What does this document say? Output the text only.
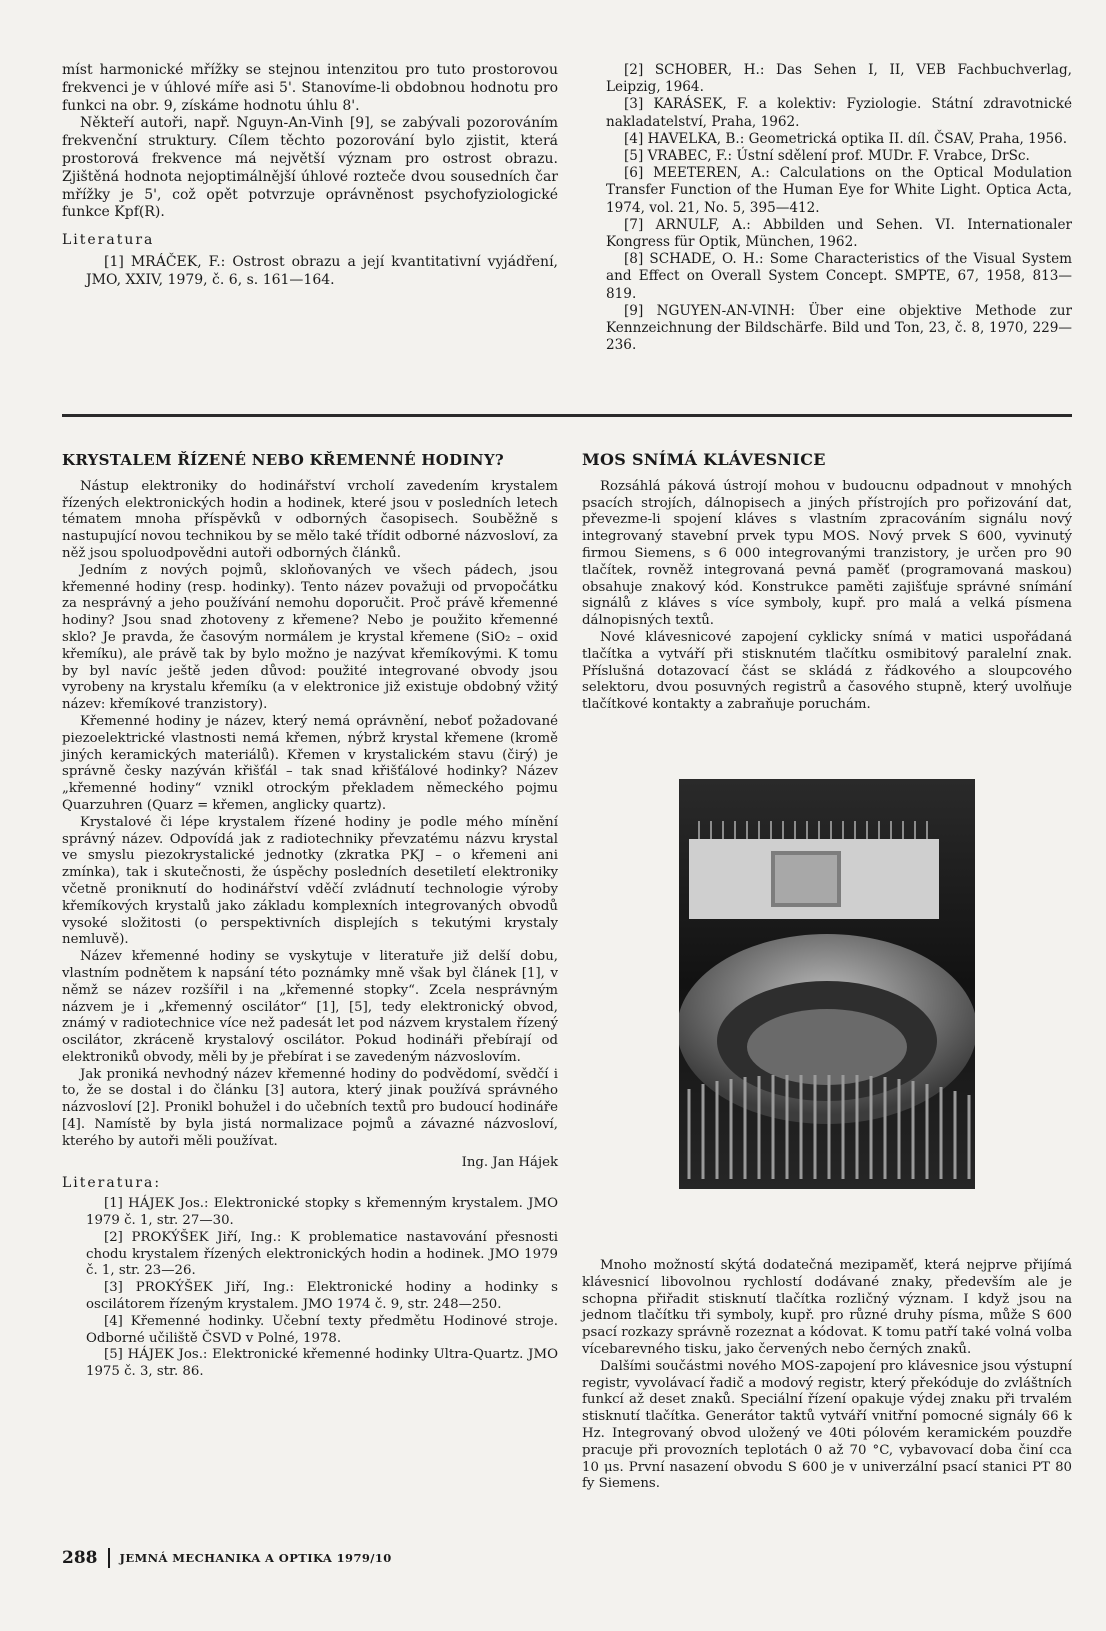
míst harmonické mřížky se stejnou intenzitou pro tuto prostorovou frekvenci je v úhlové míře asi 5'. Stanovíme-li obdobnou hodnotu pro funkci na obr. 9, získáme hodnotu úhlu 8'.

Někteří autoři, např. Nguyn-An-Vinh [9], se zabývali pozorováním frekvenční struktury. Cílem těchto pozorování bylo zjistit, která prostorová frekvence má největší význam pro ostrost obrazu. Zjištěná hodnota nejoptimálnější úhlové rozteče dvou sousedních čar mřížky je 5', což opět potvrzuje oprávněnost psychofyziologické funkce Kpf(R).

Literatura

[1] MRÁČEK, F.: Ostrost obrazu a její kvantitativní vyjádření, JMO, XXIV, 1979, č. 6, s. 161—164.

[2] SCHOBER, H.: Das Sehen I, II, VEB Fachbuchverlag, Leipzig, 1964.

[3] KARÁSEK, F. a kolektiv: Fyziologie. Státní zdravotnické nakladatelství, Praha, 1962.

[4] HAVELKA, B.: Geometrická optika II. díl. ČSAV, Praha, 1956.

[5] VRABEC, F.: Ústní sdělení prof. MUDr. F. Vrabce, DrSc.

[6] MEETEREN, A.: Calculations on the Optical Modulation Transfer Function of the Human Eye for White Light. Optica Acta, 1974, vol. 21, No. 5, 395—412.

[7] ARNULF, A.: Abbilden und Sehen. VI. Internationaler Kongress für Optik, München, 1962.

[8] SCHADE, O. H.: Some Characteristics of the Visual System and Effect on Overall System Concept. SMPTE, 67, 1958, 813—819.

[9] NGUYEN-AN-VINH: Über eine objektive Methode zur Kennzeichnung der Bildschärfe. Bild und Ton, 23, č. 8, 1970, 229—236.

KRYSTALEM ŘÍZENÉ NEBO KŘEMENNÉ HODINY?

Nástup elektroniky do hodinářství vrcholí zavedením krystalem řízených elektronických hodin a hodinek, které jsou v posledních letech tématem mnoha příspěvků v odborných časopisech. Souběžně s nastupující novou technikou by se mělo také třídit odborné názvosloví, za něž jsou spoluodpovědni autoři odborných článků.

Jedním z nových pojmů, skloňovaných ve všech pádech, jsou křemenné hodiny (resp. hodinky). Tento název považuji od prvopočátku za nesprávný a jeho používání nemohu doporučit. Proč právě křemenné hodiny? Jsou snad zhotoveny z křemene? Nebo je použito křemenné sklo? Je pravda, že časovým normálem je krystal křemene (SiO₂ – oxid křemíku), ale právě tak by bylo možno je nazývat křemíkovými. K tomu by byl navíc ještě jeden důvod: použité integrované obvody jsou vyrobeny na krystalu křemíku (a v elektronice již existuje obdobný vžitý název: křemíkové tranzistory).

Křemenné hodiny je název, který nemá oprávnění, neboť požadované piezoelektrické vlastnosti nemá křemen, nýbrž krystal křemene (kromě jiných keramických materiálů). Křemen v krystalickém stavu (čirý) je správně česky nazýván křišťál – tak snad křišťálové hodinky? Název „křemenné hodiny“ vznikl otrockým překladem německého pojmu Quarzuhren (Quarz = křemen, anglicky quartz).

Krystalové či lépe krystalem řízené hodiny je podle mého mínění správný název. Odpovídá jak z radiotechniky převzatému názvu krystal ve smyslu piezokrystalické jednotky (zkratka PKJ – o křemeni ani zmínka), tak i skutečnosti, že úspěchy posledních desetiletí elektroniky včetně proniknutí do hodinářství vděčí zvládnutí technologie výroby křemíkových krystalů jako základu komplexních integrovaných obvodů vysoké složitosti (o perspektivních displejích s tekutými krystaly nemluvě).

Název křemenné hodiny se vyskytuje v literatuře již delší dobu, vlastním podnětem k napsání této poznámky mně však byl článek [1], v němž se název rozšířil i na „křemenné stopky“. Zcela nesprávným názvem je i „křemenný oscilátor“ [1], [5], tedy elektronický obvod, známý v radiotechnice více než padesát let pod názvem krystalem řízený oscilátor, zkráceně krystalový oscilátor. Pokud hodináři přebírají od elektroniků obvody, měli by je přebírat i se zavedeným názvoslovím.

Jak proniká nevhodný název křemenné hodiny do podvědomí, svědčí i to, že se dostal i do článku [3] autora, který jinak používá správného názvosloví [2]. Pronikl bohužel i do učebních textů pro budoucí hodináře [4]. Namístě by byla jistá normalizace pojmů a závazné názvosloví, kterého by autoři měli používat.

Ing. Jan Hájek
Literatura:

[1] HÁJEK Jos.: Elektronické stopky s křemenným krystalem. JMO 1979 č. 1, str. 27—30.

[2] PROKÝŠEK Jiří, Ing.: K problematice nastavování přesnosti chodu krystalem řízených elektronických hodin a hodinek. JMO 1979 č. 1, str. 23—26.

[3] PROKÝŠEK Jiří, Ing.: Elektronické hodiny a hodinky s oscilátorem řízeným krystalem. JMO 1974 č. 9, str. 248—250.

[4] Křemenné hodinky. Učební texty předmětu Hodinové stroje. Odborné učiliště ČSVD v Polné, 1978.

[5] HÁJEK Jos.: Elektronické křemenné hodinky Ultra-Quartz. JMO 1975 č. 3, str. 86.

MOS SNÍMÁ KLÁVESNICE

Rozsáhlá páková ústrojí mohou v budoucnu odpadnout v mnohých psacích strojích, dálnopisech a jiných přístrojích pro pořizování dat, převezme-li spojení kláves s vlastním zpracováním signálu nový integrovaný stavební prvek typu MOS. Nový prvek S 600, vyvinutý firmou Siemens, s 6 000 integrovanými tranzistory, je určen pro 90 tlačítek, rovněž integrovaná pevná paměť (programovaná maskou) obsahuje znakový kód. Konstrukce paměti zajišťuje správné snímání signálů z kláves s více symboly, kupř. pro malá a velká písmena dálnopisných textů.

Nové klávesnicové zapojení cyklicky snímá v matici uspořádaná tlačítka a vytváří při stisknutém tlačítku osmibitový paralelní znak. Příslušná dotazovací část se skládá z řádkového a sloupcového selektoru, dvou posuvných registrů a časového stupně, který uvolňuje tlačítkové kontakty a zabraňuje poruchám.

Mnoho možností skýtá dodatečná mezipaměť, která nejprve přijímá klávesnicí libovolnou rychlostí dodávané znaky, především ale je schopna přiřadit stisknutí tlačítka rozličný význam. I když jsou na jednom tlačítku tři symboly, kupř. pro různé druhy písma, může S 600 psací rozkazy správně rozeznat a kódovat. K tomu patří také volná volba vícebarevného tisku, jako červených nebo černých znaků.

Dalšími součástmi nového MOS-zapojení pro klávesnice jsou výstupní registr, vyvolávací řadič a modový registr, který překóduje do zvláštních funkcí až deset znaků. Speciální řízení opakuje výdej znaku při trvalém stisknutí tlačítka. Generátor taktů vytváří vnitřní pomocné signály 66 k Hz. Integrovaný obvod uložený ve 40ti pólovém keramickém pouzdře pracuje při provozních teplotách 0 až 70 °C, vybavovací doba činí cca 10 μs. První nasazení obvodu S 600 je v univerzální psací stanici PT 80 fy Siemens.

288 JEMNÁ MECHANIKA A OPTIKA 1979/10
